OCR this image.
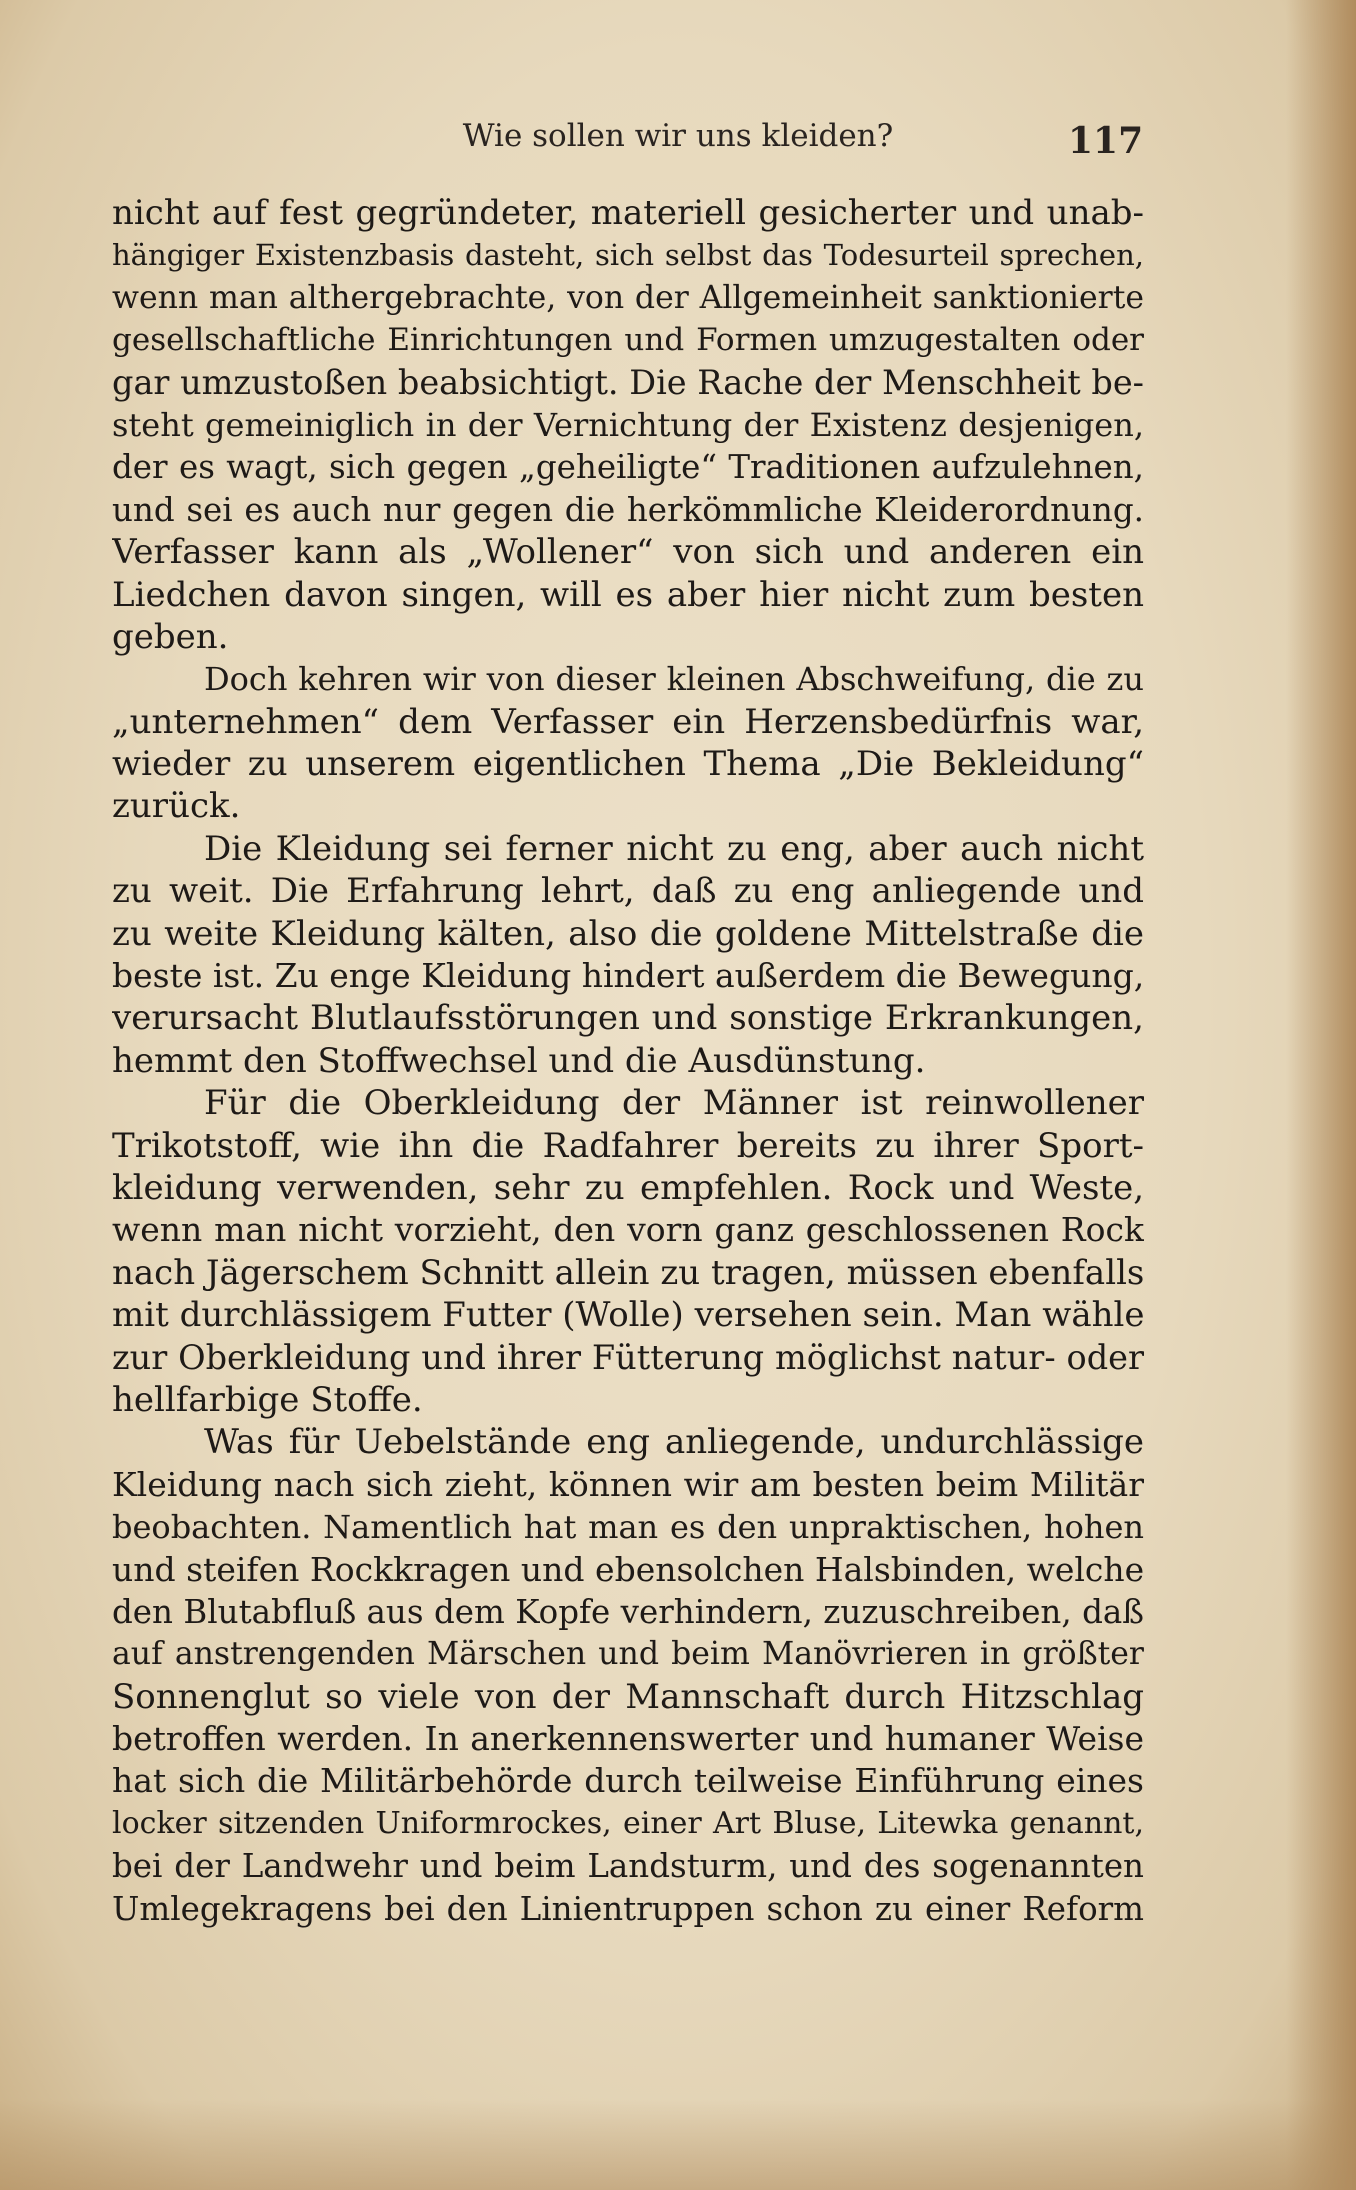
Wie sollen wir uns kleiden?	117
nicht auf fest gegründeter, materiell gesicherter und unab-
hängiger Existenzbasis dasteht, sich selbst das Todesurteil sprechen,
wenn man althergebrachte, von der Allgemeinheit sanktionierte
gesellschaftliche Einrichtungen und Formen umzugestalten oder
gar umzustoßen beabsichtigt. Die Rache der Menschheit be-
steht gemeiniglich in der Vernichtung der Existenz desjenigen,
der es wagt, sich gegen „geheiligte“ Traditionen aufzulehnen,
und sei es auch nur gegen die herkömmliche Kleiderordnung.
Verfasser kann als „Wollener“ von sich und anderen ein
Liedchen davon singen, will es aber hier nicht zum besten
geben.
Doch kehren wir von dieser kleinen Abschweifung, die zu
„unternehmen“ dem Verfasser ein Herzensbedürfnis war,
wieder zu unserem eigentlichen Thema „Die Bekleidung“
zurück.
Die Kleidung sei ferner nicht zu eng, aber auch nicht
zu weit. Die Erfahrung lehrt, daß zu eng anliegende und
zu weite Kleidung kälten, also die goldene Mittelstraße die
beste ist. Zu enge Kleidung hindert außerdem die Bewegung,
verursacht Blutlaufsstörungen und sonstige Erkrankungen,
hemmt den Stoffwechsel und die Ausdünstung.
Für die Oberkleidung der Männer ist reinwollener
Trikotstoff, wie ihn die Radfahrer bereits zu ihrer Sport-
kleidung verwenden, sehr zu empfehlen. Rock und Weste,
wenn man nicht vorzieht, den vorn ganz geschlossenen Rock
nach Jägerschem Schnitt allein zu tragen, müssen ebenfalls
mit durchlässigem Futter (Wolle) versehen sein. Man wähle
zur Oberkleidung und ihrer Fütterung möglichst natur- oder
hellfarbige Stoffe.
Was für Uebelstände eng anliegende, undurchlässige
Kleidung nach sich zieht, können wir am besten beim Militär
beobachten. Namentlich hat man es den unpraktischen, hohen
und steifen Rockkragen und ebensolchen Halsbinden, welche
den Blutabfluß aus dem Kopfe verhindern, zuzuschreiben, daß
auf anstrengenden Märschen und beim Manövrieren in größter
Sonnenglut so viele von der Mannschaft durch Hitzschlag
betroffen werden. In anerkennenswerter und humaner Weise
hat sich die Militärbehörde durch teilweise Einführung eines
locker sitzenden Uniformrockes, einer Art Bluse, Litewka genannt,
bei der Landwehr und beim Landsturm, und des sogenannten
Umlegekragens bei den Linientruppen schon zu einer Reform
